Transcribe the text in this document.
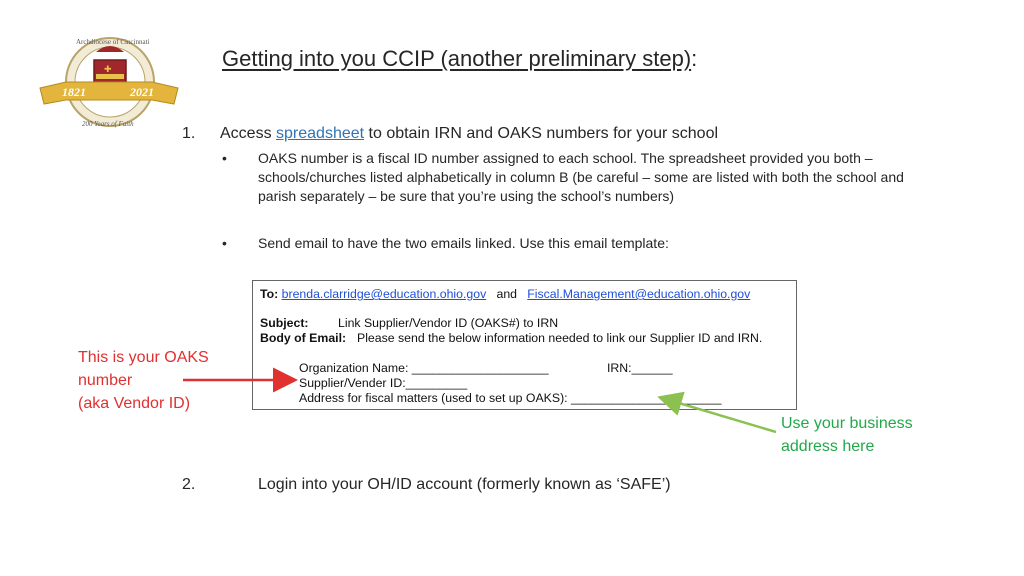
✚
1821	2021
Archdiocese of Cincinnati
200 Years of Faith
Getting into you CCIP (another preliminary step):
1. Access spreadsheet to obtain IRN and OAKS numbers for your school
• OAKS number is a fiscal ID number assigned to each school. The spreadsheet provided you both –
schools/churches listed alphabetically in column B (be careful – some are listed with both the school and
parish separately – be sure that you’re using the school’s numbers)
• Send email to have the two emails linked. Use this email template:
To: brenda.clarridge@education.ohio.gov and Fiscal.Management@education.ohio.gov
Subject: Link Supplier/Vendor ID (OAKS#) to IRN
Body of Email: Please send the below information needed to link our Supplier ID and IRN.
Organization Name: ____________________	IRN:______
Supplier/Vender ID:_________
Address for fiscal matters (used to set up OAKS): ______________________
This is your OAKS
number
(aka Vendor ID)
Use your business
address here
2.	Login into your OH/ID account (formerly known as ‘SAFE’)
